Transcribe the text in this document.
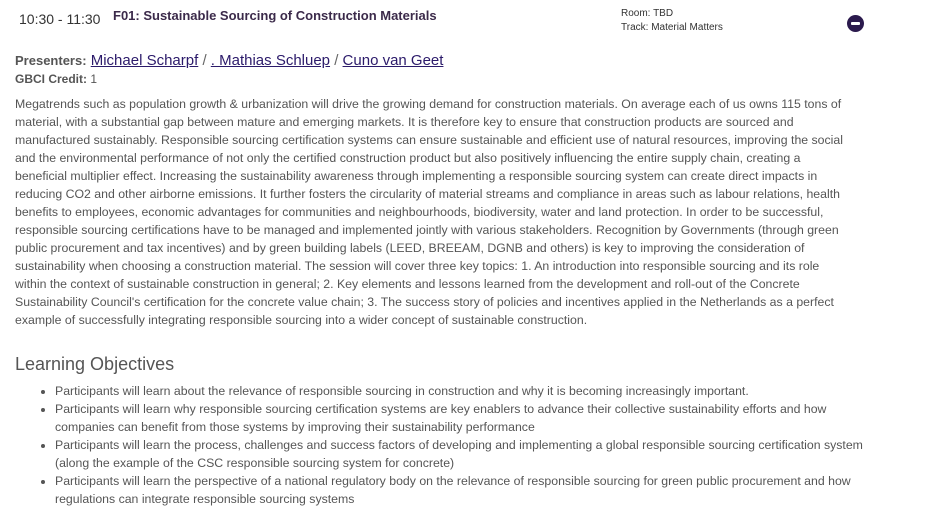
10:30 - 11:30 F01: Sustainable Sourcing of Construction Materials	Room: TBD
Track: Material Matters
Presenters: Michael Scharpf / . Mathias Schluep / Cuno van Geet
GBCI Credit: 1

Megatrends such as population growth & urbanization will drive the growing demand for construction materials. On average each of us owns 115 tons of material, with a substantial gap between mature and emerging markets. It is therefore key to ensure that construction products are sourced and manufactured sustainably. Responsible sourcing certification systems can ensure sustainable and efficient use of natural resources, improving the social and the environmental performance of not only the certified construction product but also positively influencing the entire supply chain, creating a beneficial multiplier effect. Increasing the sustainability awareness through implementing a responsible sourcing system can create direct impacts in reducing CO2 and other airborne emissions. It further fosters the circularity of material streams and compliance in areas such as labour relations, health benefits to employees, economic advantages for communities and neighbourhoods, biodiversity, water and land protection. In order to be successful, responsible sourcing certifications have to be managed and implemented jointly with various stakeholders. Recognition by Governments (through green public procurement and tax incentives) and by green building labels (LEED, BREEAM, DGNB and others) is key to improving the consideration of sustainability when choosing a construction material. The session will cover three key topics: 1. An introduction into responsible sourcing and its role within the context of sustainable construction in general; 2. Key elements and lessons learned from the development and roll-out of the Concrete Sustainability Council's certification for the concrete value chain; 3. The success story of policies and incentives applied in the Netherlands as a perfect example of successfully integrating responsible sourcing into a wider concept of sustainable construction.

Learning Objectives
• Participants will learn about the relevance of responsible sourcing in construction and why it is becoming increasingly important.
• Participants will learn why responsible sourcing certification systems are key enablers to advance their collective sustainability efforts and how companies can benefit from those systems by improving their sustainability performance
• Participants will learn the process, challenges and success factors of developing and implementing a global responsible sourcing certification system (along the example of the CSC responsible sourcing system for concrete)
• Participants will learn the perspective of a national regulatory body on the relevance of responsible sourcing for green public procurement and how regulations can integrate responsible sourcing systems
